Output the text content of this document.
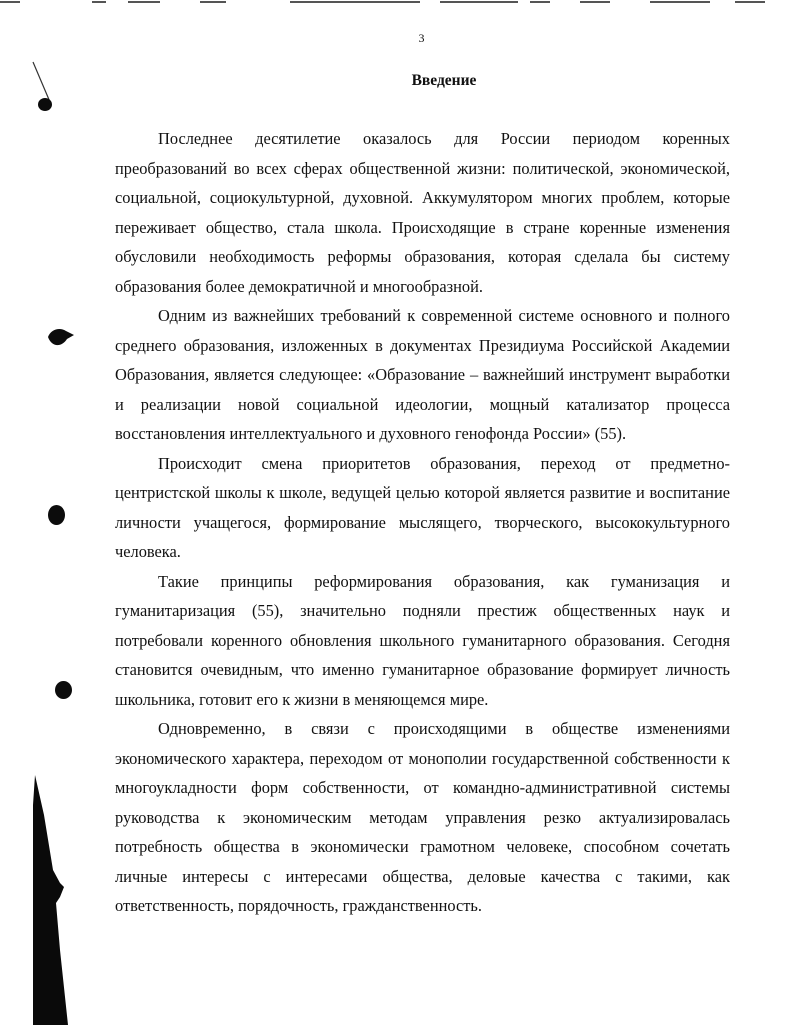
3
Введение

Последнее десятилетие оказалось для России периодом коренных преобразований во всех сферах общественной жизни: политической, экономической, социальной, социокультурной, духовной. Аккумулятором многих проблем, которые переживает общество, стала школа. Происходящие в стране коренные изменения обусловили необходимость реформы образования, которая сделала бы систему образования более демократичной и многообразной.

Одним из важнейших требований к современной системе основного и полного среднего образования, изложенных в документах Президиума Российской Академии Образования, является следующее: «Образование – важнейший инструмент выработки и реализации новой социальной идеологии, мощный катализатор процесса восстановления интеллектуального и духовного генофонда России» (55).

Происходит смена приоритетов образования, переход от предметно-центристской школы к школе, ведущей целью которой является развитие и воспитание личности учащегося, формирование мыслящего, творческого, высококультурного человека.

Такие принципы реформирования образования, как гуманизация и гуманитаризация (55), значительно подняли престиж общественных наук и потребовали коренного обновления школьного гуманитарного образования. Сегодня становится очевидным, что именно гуманитарное образование формирует личность школьника, готовит его к жизни в меняющемся мире.

Одновременно, в связи с происходящими в обществе изменениями экономического характера, переходом от монополии государственной собственности к многоукладности форм собственности, от командно-административной системы руководства к экономическим методам управления резко актуализировалась потребность общества в экономически грамотном человеке, способном сочетать личные интересы с интересами общества, деловые качества с такими, как ответственность, порядочность, гражданственность.
